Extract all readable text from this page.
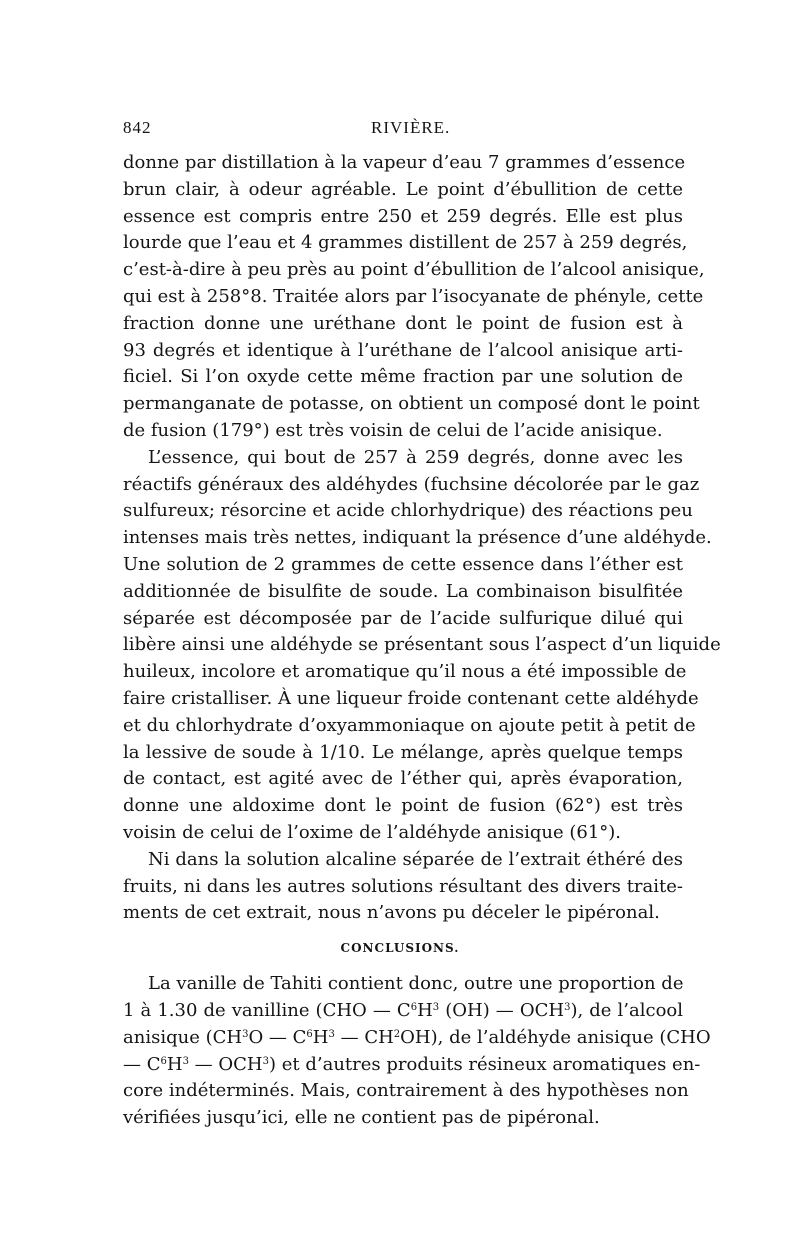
842	RIVIÈRE.
donne par distillation à la vapeur d’eau 7 grammes d’essence
brun clair, à odeur agréable. Le point d’ébullition de cette
essence est compris entre 250 et 259 degrés. Elle est plus
lourde que l’eau et 4 grammes distillent de 257 à 259 degrés,
c’est-à-dire à peu près au point d’ébullition de l’alcool anisique,
qui est à 258°8. Traitée alors par l’isocyanate de phényle, cette
fraction donne une uréthane dont le point de fusion est à
93 degrés et identique à l’uréthane de l’alcool anisique arti-
ficiel. Si l’on oxyde cette même fraction par une solution de
permanganate de potasse, on obtient un composé dont le point
de fusion (179°) est très voisin de celui de l’acide anisique.
L’essence, qui bout de 257 à 259 degrés, donne avec les
réactifs généraux des aldéhydes (fuchsine décolorée par le gaz
sulfureux; résorcine et acide chlorhydrique) des réactions peu
intenses mais très nettes, indiquant la présence d’une aldéhyde.
Une solution de 2 grammes de cette essence dans l’éther est
additionnée de bisulfite de soude. La combinaison bisulfitée
séparée est décomposée par de l’acide sulfurique dilué qui
libère ainsi une aldéhyde se présentant sous l’aspect d’un liquide
huileux, incolore et aromatique qu’il nous a été impossible de
faire cristalliser. À une liqueur froide contenant cette aldéhyde
et du chlorhydrate d’oxyammoniaque on ajoute petit à petit de
la lessive de soude à 1/10. Le mélange, après quelque temps
de contact, est agité avec de l’éther qui, après évaporation,
donne une aldoxime dont le point de fusion (62°) est très
voisin de celui de l’oxime de l’aldéhyde anisique (61°).
Ni dans la solution alcaline séparée de l’extrait éthéré des
fruits, ni dans les autres solutions résultant des divers traite-
ments de cet extrait, nous n’avons pu déceler le pipéronal.
CONCLUSIONS.
La vanille de Tahiti contient donc, outre une proportion de
1 à 1.30 de vanilline (CHO — $C^6H^3$ (OH) — OCH$^3$), de l’alcool
anisique ($CH^3O$ — $C^6H^3$ — $CH^2OH$), de l’aldéhyde anisique (CHO
— $C^6H^3$ — OCH$^3$) et d’autres produits résineux aromatiques en-
core indéterminés. Mais, contrairement à des hypothèses non
vérifiées jusqu’ici, elle ne contient pas de pipéronal.
